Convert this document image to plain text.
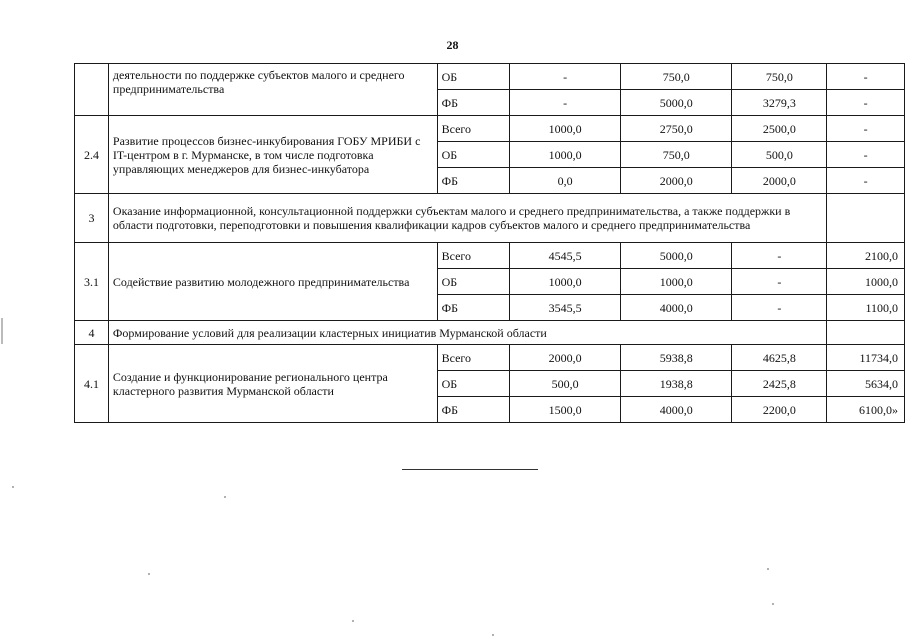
28
	деятельности по поддержке субъектов малого и среднего предпринимательства	ОБ	-	750,0	750,0	-
		ФБ	-	5000,0	3279,3	-
2.4	Развитие процессов бизнес-инкубирования ГОБУ МРИБИ с IT-центром в г. Мурманске, в том числе подготовка управляющих менеджеров для бизнес-инкубатора	Всего	1000,0	2750,0	2500,0	-
		ОБ	1000,0	750,0	500,0	-
		ФБ	0,0	2000,0	2000,0	-
3	Оказание информационной, консультационной поддержки субъектам малого и среднего предпринимательства, а также поддержки в области подготовки, переподготовки и повышения квалификации кадров субъектов малого и среднего предпринимательства					
3.1	Содействие развитию молодежного предпринимательства	Всего	4545,5	5000,0	-	2100,0
		ОБ	1000,0	1000,0	-	1000,0
		ФБ	3545,5	4000,0	-	1100,0
4	Формирование условий для реализации кластерных инициатив Мурманской области					
4.1	Создание и функционирование регионального центра кластерного развития Мурманской области	Всего	2000,0	5938,8	4625,8	11734,0
		ОБ	500,0	1938,8	2425,8	5634,0
		ФБ	1500,0	4000,0	2200,0	6100,0»
